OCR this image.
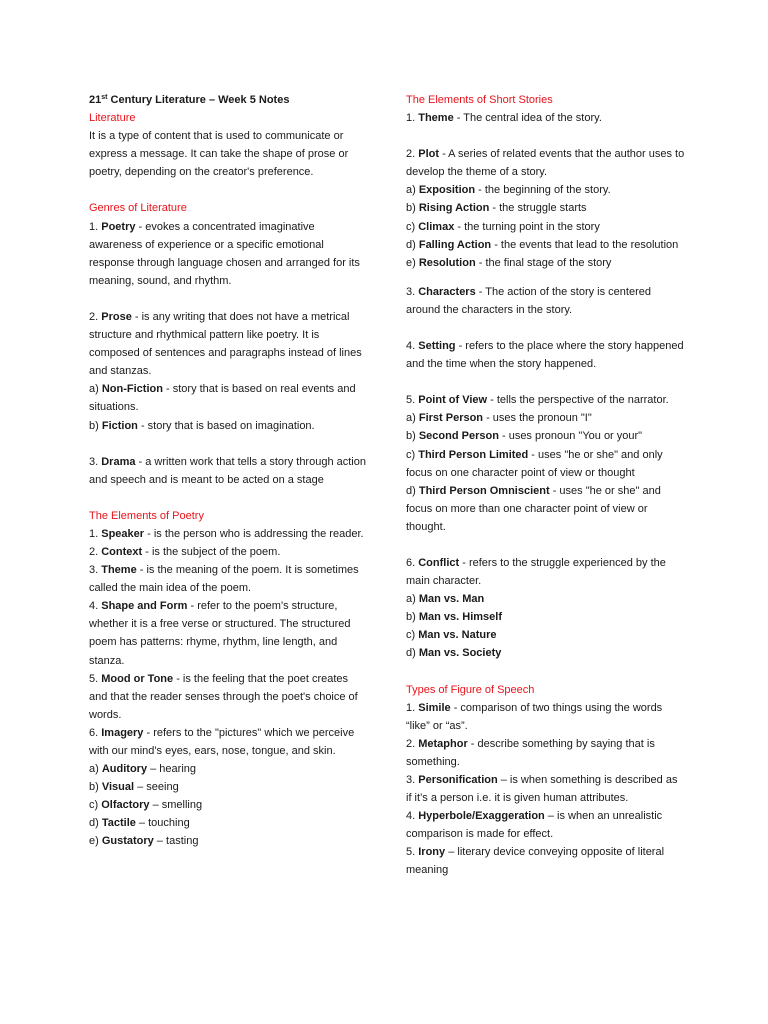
21st Century Literature – Week 5 Notes

Literature

It is a type of content that is used to communicate or express a message. It can take the shape of prose or poetry, depending on the creator's preference.

Genres of Literature

1. Poetry - evokes a concentrated imaginative awareness of experience or a specific emotional response through language chosen and arranged for its meaning, sound, and rhythm.

2. Prose - is any writing that does not have a metrical structure and rhythmical pattern like poetry. It is composed of sentences and paragraphs instead of lines and stanzas.

a) Non-Fiction - story that is based on real events and situations.

b) Fiction - story that is based on imagination.

3. Drama - a written work that tells a story through action and speech and is meant to be acted on a stage

The Elements of Poetry

1. Speaker - is the person who is addressing the reader.

2. Context - is the subject of the poem.

3. Theme - is the meaning of the poem. It is sometimes called the main idea of the poem.

4. Shape and Form - refer to the poem's structure, whether it is a free verse or structured. The structured poem has patterns: rhyme, rhythm, line length, and stanza.

5. Mood or Tone - is the feeling that the poet creates and that the reader senses through the poet's choice of words.

6. Imagery - refers to the "pictures" which we perceive with our mind's eyes, ears, nose, tongue, and skin.

a) Auditory – hearing

b) Visual – seeing

c) Olfactory – smelling

d) Tactile – touching

e) Gustatory – tasting

The Elements of Short Stories

1. Theme - The central idea of the story.

2. Plot - A series of related events that the author uses to develop the theme of a story.

a) Exposition - the beginning of the story.

b) Rising Action - the struggle starts

c) Climax - the turning point in the story

d) Falling Action - the events that lead to the resolution

e) Resolution - the final stage of the story

3. Characters - The action of the story is centered around the characters in the story.

4. Setting - refers to the place where the story happened and the time when the story happened.

5. Point of View - tells the perspective of the narrator.

a) First Person - uses the pronoun "I"

b) Second Person - uses pronoun "You or your"

c) Third Person Limited - uses "he or she" and only focus on one character point of view or thought

d) Third Person Omniscient - uses "he or she" and focus on more than one character point of view or thought.

6. Conflict - refers to the struggle experienced by the main character.

a) Man vs. Man

b) Man vs. Himself

c) Man vs. Nature

d) Man vs. Society

Types of Figure of Speech

1. Simile - comparison of two things using the words “like” or “as”.

2. Metaphor - describe something by saying that is something.

3. Personification – is when something is described as if it’s a person i.e. it is given human attributes.

4. Hyperbole/Exaggeration – is when an unrealistic comparison is made for effect.

5. Irony – literary device conveying opposite of literal meaning
